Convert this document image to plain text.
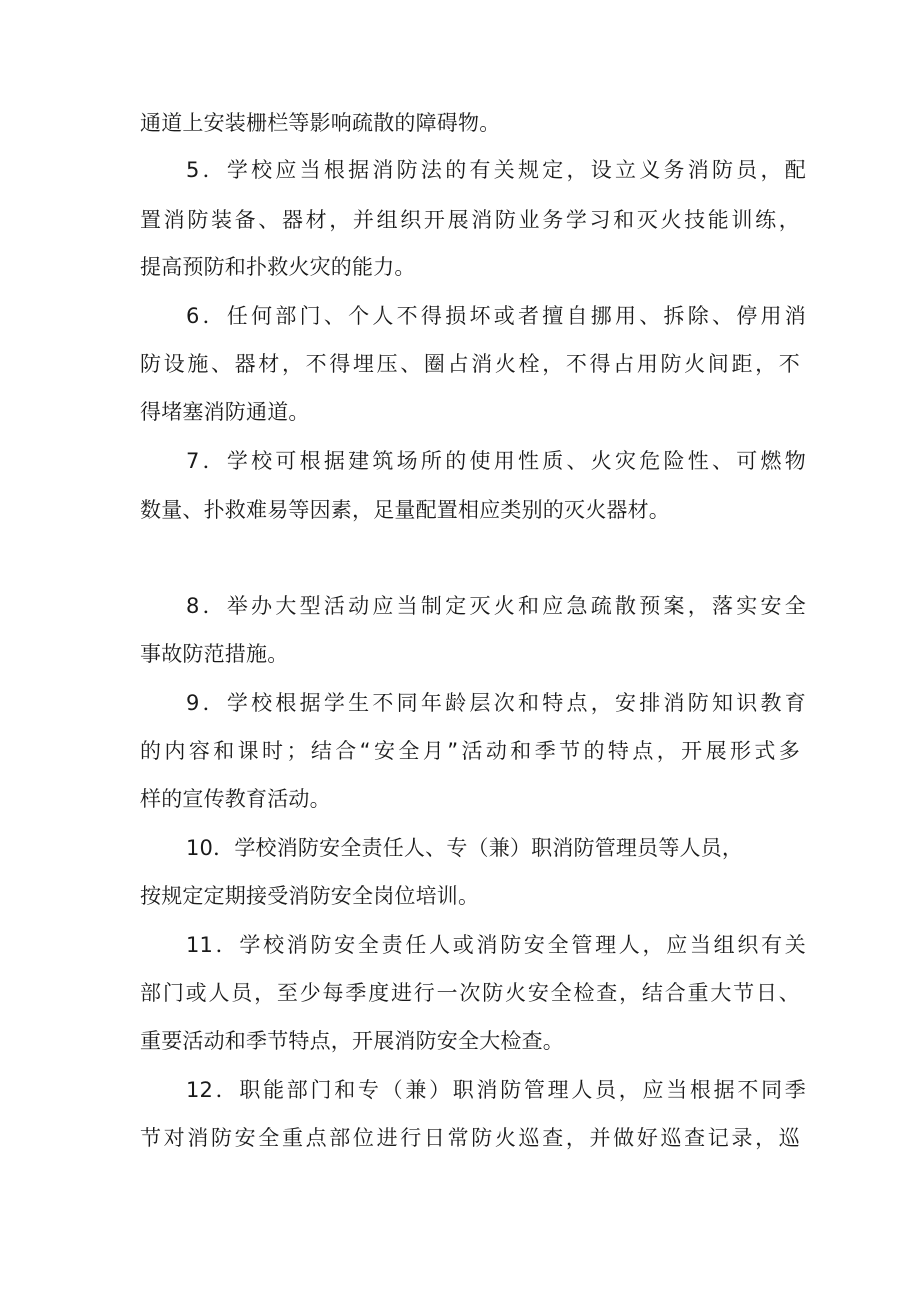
通道上安装栅栏等影响疏散的障碍物。
5．学校应当根据消防法的有关规定，设立义务消防员，配
置消防装备、器材，并组织开展消防业务学习和灭火技能训练，
提高预防和扑救火灾的能力。
6．任何部门、个人不得损坏或者擅自挪用、拆除、停用消
防设施、器材，不得埋压、圈占消火栓，不得占用防火间距，不
得堵塞消防通道。
7．学校可根据建筑场所的使用性质、火灾危险性、可燃物
数量、扑救难易等因素，足量配置相应类别的灭火器材。
8．举办大型活动应当制定灭火和应急疏散预案，落实安全
事故防范措施。
9．学校根据学生不同年龄层次和特点，安排消防知识教育
的内容和课时；结合“安全月”活动和季节的特点，开展形式多
样的宣传教育活动。
10．学校消防安全责任人、专（兼）职消防管理员等人员，
按规定定期接受消防安全岗位培训。
11．学校消防安全责任人或消防安全管理人，应当组织有关
部门或人员，至少每季度进行一次防火安全检查，结合重大节日、
重要活动和季节特点，开展消防安全大检查。
12．职能部门和专（兼）职消防管理人员，应当根据不同季
节对消防安全重点部位进行日常防火巡查，并做好巡查记录，巡
